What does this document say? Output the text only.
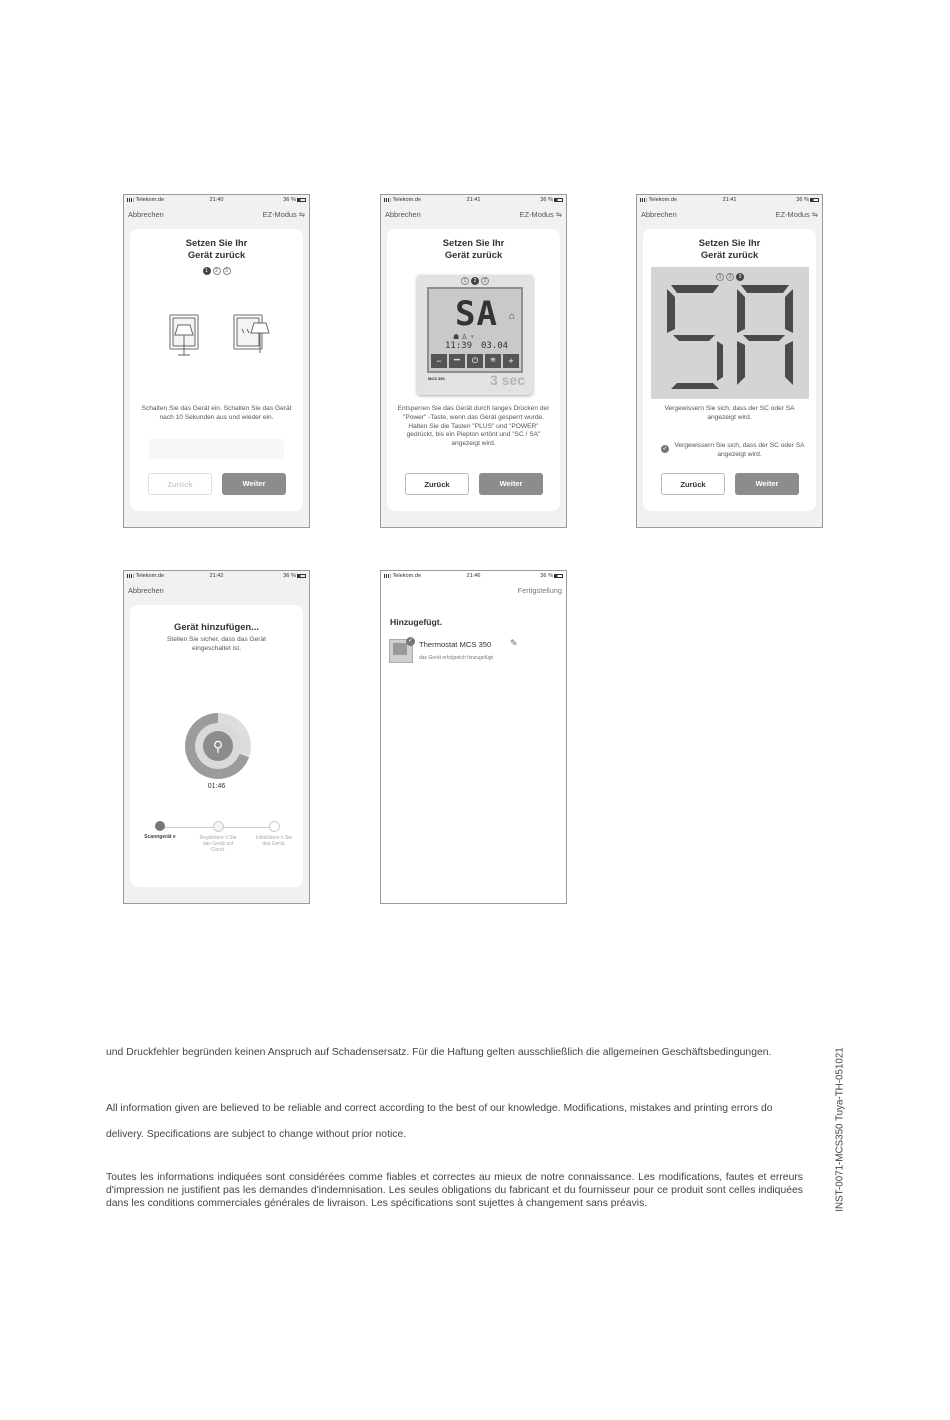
Telekom.de	21:40	36 %
Abbrechen	EZ-Modus ⇋
Setzen Sie Ihr
Gerät zurück
1 2 3
Schalten Sie das Gerät ein. Schalten Sie das Gerät nach 10 Sekunden aus und wieder ein.
Zurück	Weiter
Telekom.de	21:41	36 %
Abbrechen	EZ-Modus ⇋
Setzen Sie Ihr
Gerät zurück
1 2 3
SA ⌂
☗ ♙ ♆
11:39 03.04
−	•••	⏻	≋	+
MCS 350	3 sec
Entsperren Sie das Gerät durch langes Drücken der "Power" -Taste, wenn das Gerät gesperrt wurde. Halten Sie die Tasten "PLUS" und "POWER" gedrückt, bis ein Piepton ertönt und "SC / SA" angezeigt wird.
Zurück	Weiter
Telekom.de	21:41	36 %
Abbrechen	EZ-Modus ⇋
Setzen Sie Ihr
Gerät zurück
1 2 3
Vergewissern Sie sich, dass der SC oder SA angezeigt wird.
✓ Vergewissern Sie sich, dass der SC oder SA angezeigt wird.
Zurück	Weiter
Telekom.de	21:42	36 %
Abbrechen
Gerät hinzufügen...
Stellen Sie sicher, dass das Gerät eingeschaltet ist.
⚲
01:46
Scanngerät e	Registriere n Sie das Gerät auf Cloud.
Initialisiere n Sie das Gerät.
Telekom.de	21:46	36 %
Fertigstellung
Hinzugefügt.
✓ Thermostat MCS 350 ✎
das Gerät erfolgreich hinzugefügt
und Druckfehler begründen keinen Anspruch auf Schadensersatz. Für die Haftung gelten ausschließlich die allgemeinen Geschäftsbedingungen.
All information given are believed to be reliable and correct according to the best of our knowledge. Modifications, mistakes and printing errors do
delivery. Specifications are subject to change without prior notice.
Toutes les informations indiquées sont considérées comme fiables et correctes au mieux de notre connaissance. Les modifications, fautes et erreurs d'impression ne justifient pas les demandes d'indemnisation. Les seules obligations du fabricant et du fournisseur pour ce produit sont celles indiquées dans les conditions commerciales générales de livraison. Les spécifications sont sujettes à changement sans préavis.	INST-0071-MCS350 Tuya-TH-051021
